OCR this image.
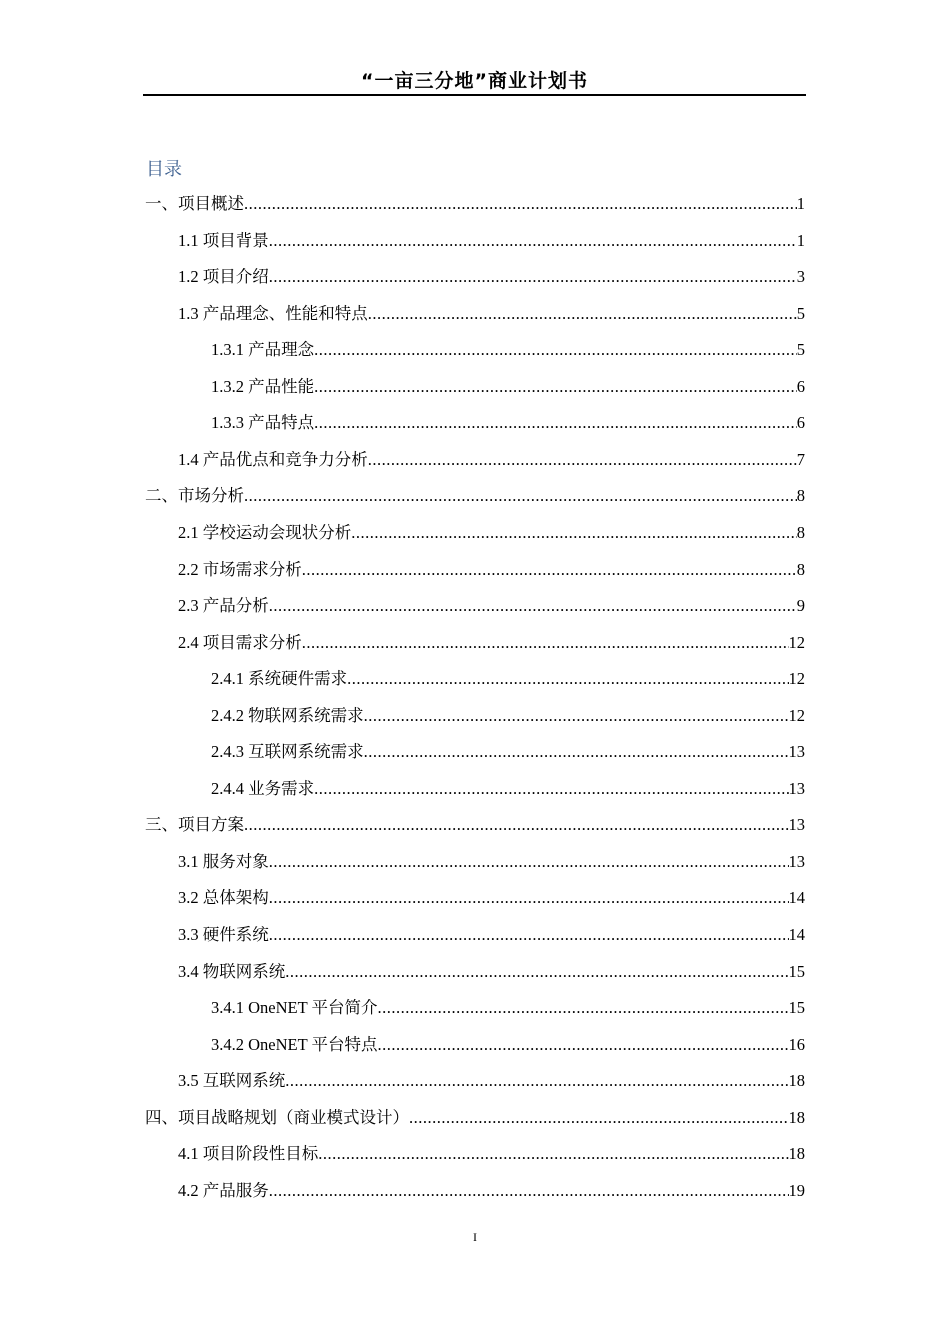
“一亩三分地”商业计划书
目录
一、项目概述 .....	1
1.1 项目背景 .....	1
1.2 项目介绍 .....	3
1.3 产品理念、性能和特点 .....	5
1.3.1 产品理念 .....	5
1.3.2 产品性能 .....	6
1.3.3 产品特点 .....	6
1.4 产品优点和竞争力分析 .....	7
二、市场分析 .....	8
2.1 学校运动会现状分析 .....	8
2.2 市场需求分析 .....	8
2.3 产品分析 .....	9
2.4 项目需求分析 .....	12
2.4.1 系统硬件需求 .....	12
2.4.2 物联网系统需求 .....	12
2.4.3 互联网系统需求 .....	13
2.4.4 业务需求 .....	13
三、项目方案 .....	13
3.1 服务对象 .....	13
3.2 总体架构 .....	14
3.3 硬件系统 .....	14
3.4 物联网系统 .....	15
3.4.1 OneNET 平台简介 .....	15
3.4.2 OneNET 平台特点 .....	16
3.5 互联网系统 .....	18
四、项目战略规划（商业模式设计） .....	18
4.1 项目阶段性目标 .....	18
4.2 产品服务 .....	19
I
